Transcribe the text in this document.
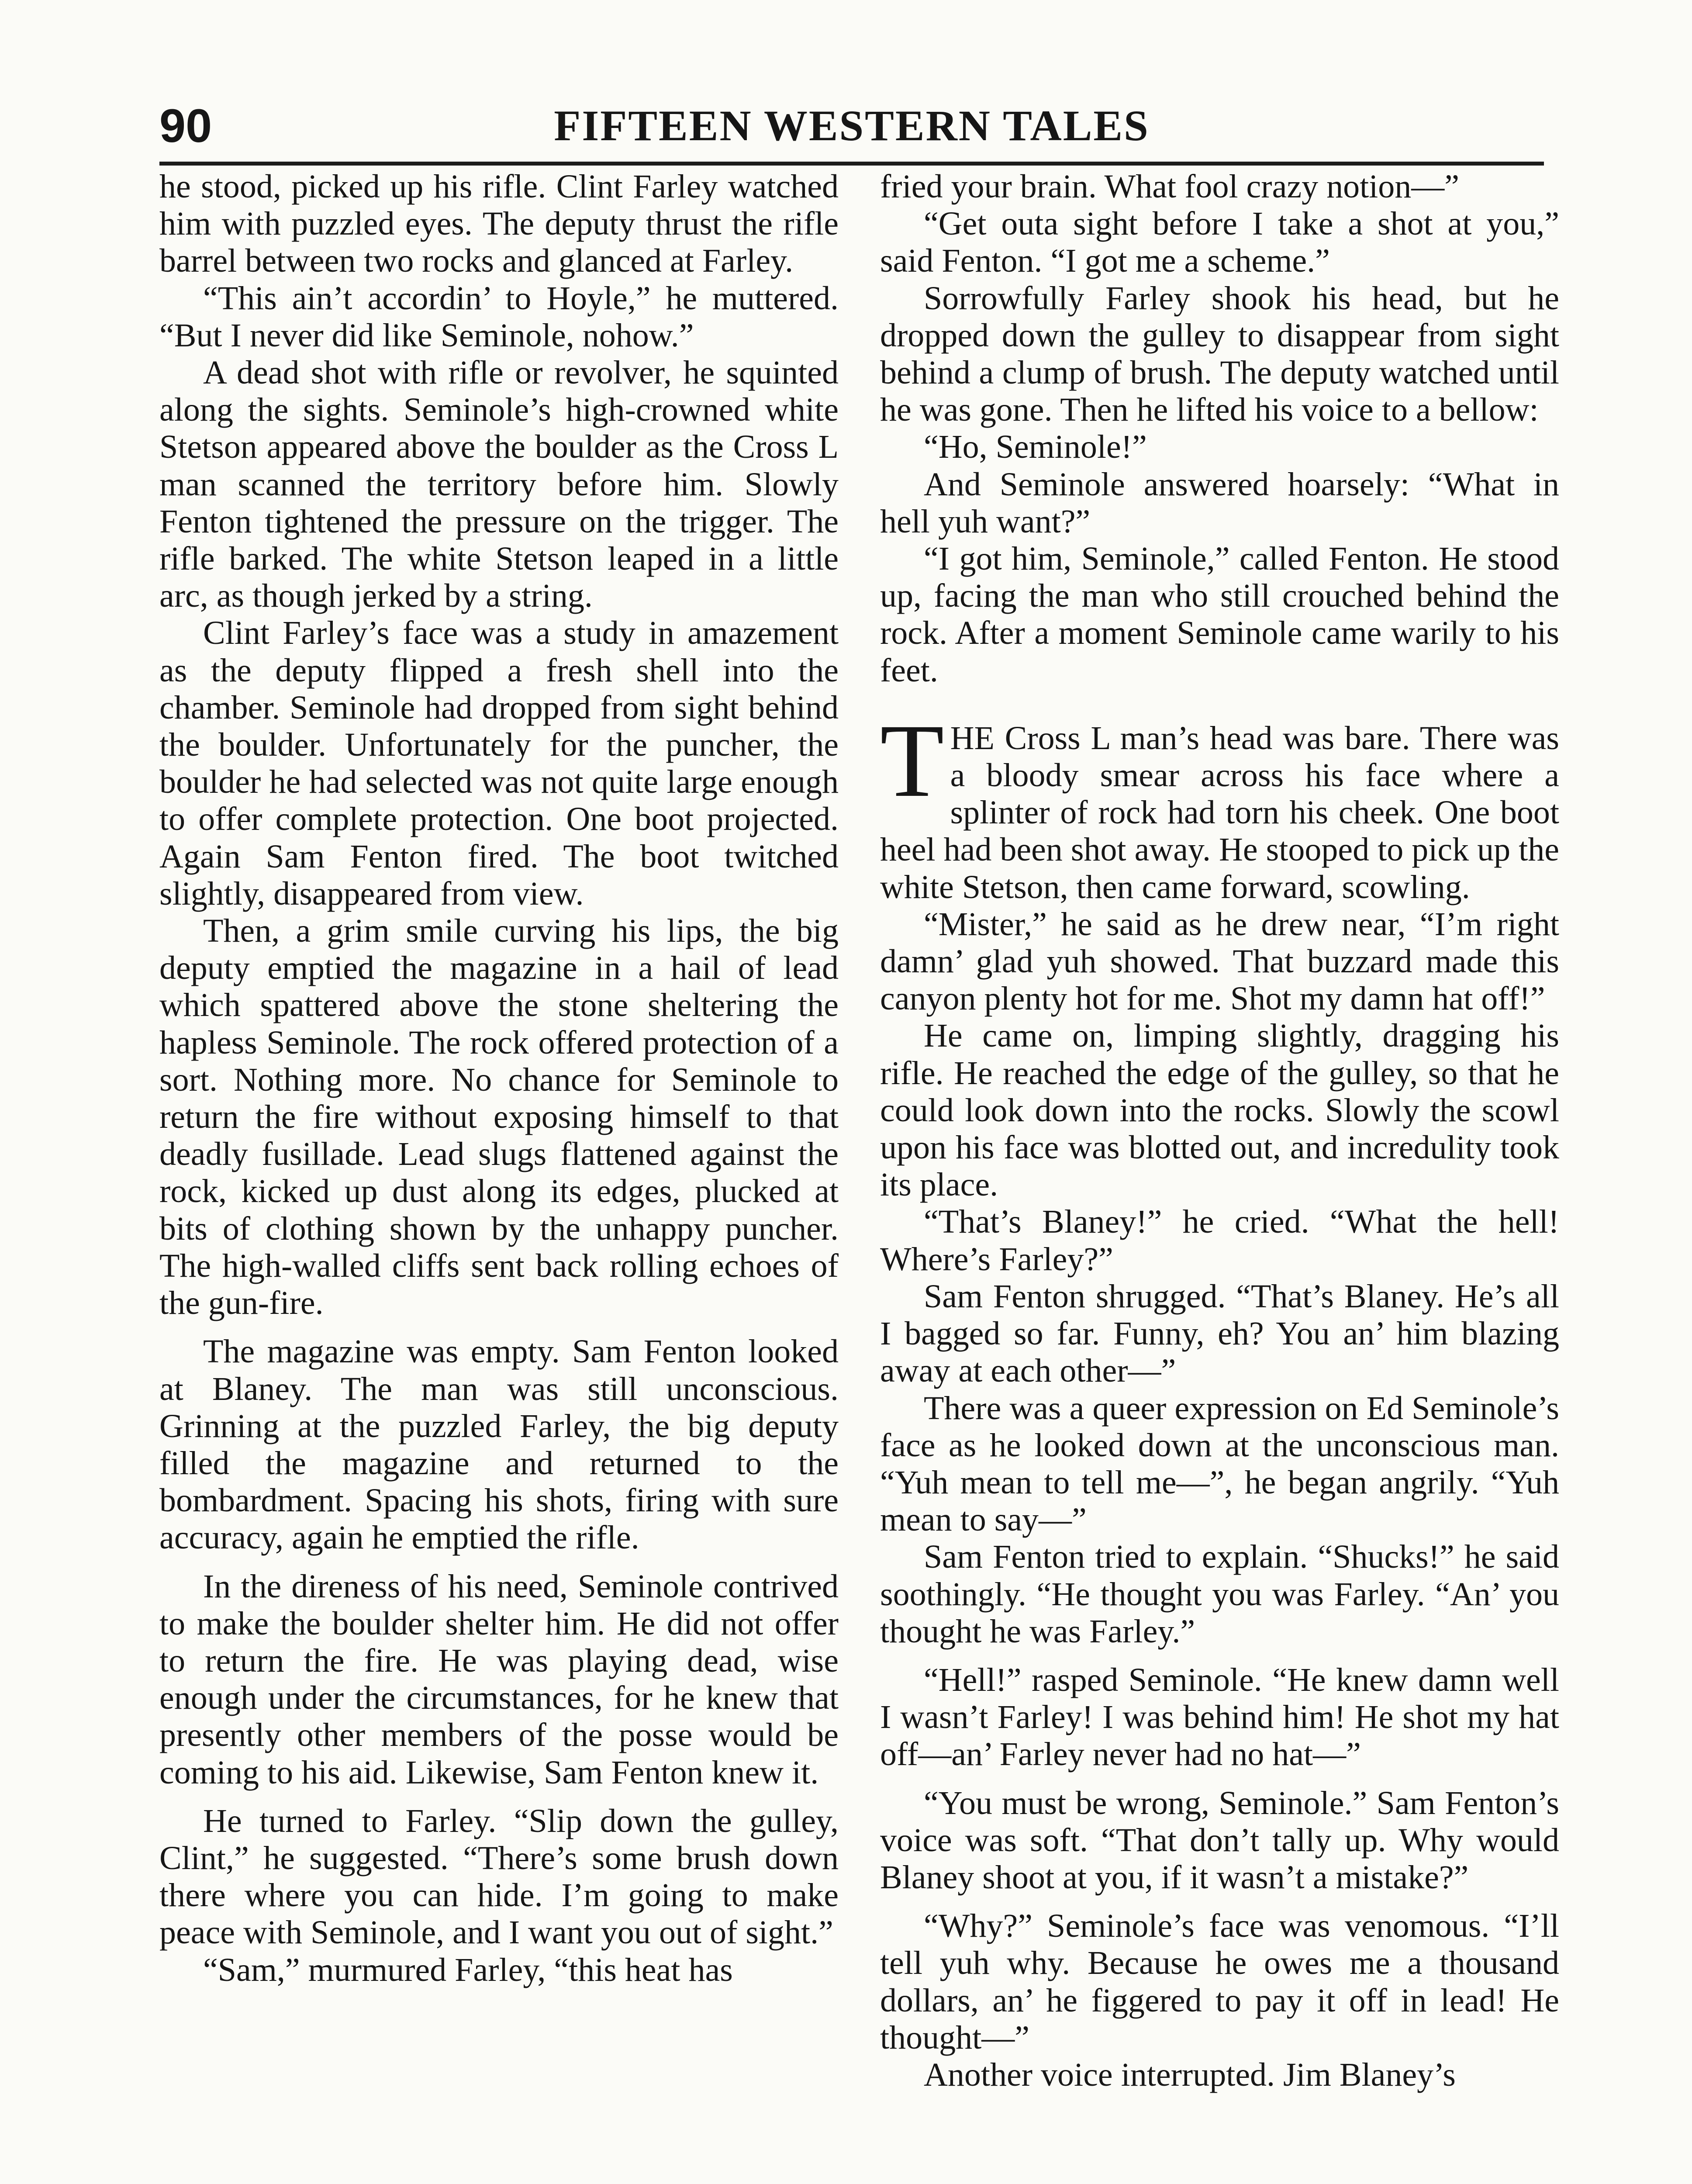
90	FIFTEEN WESTERN TALES

he stood, picked up his rifle. Clint Farley watched him with puzzled eyes. The deputy thrust the rifle barrel between two rocks and glanced at Farley.

“This ain’t accordin’ to Hoyle,” he muttered. “But I never did like Seminole, nohow.”

A dead shot with rifle or revolver, he squinted along the sights. Seminole’s high-crowned white Stetson appeared above the boulder as the Cross L man scanned the territory before him. Slowly Fenton tightened the pressure on the trigger. The rifle barked. The white Stetson leaped in a little arc, as though jerked by a string.

Clint Farley’s face was a study in amazement as the deputy flipped a fresh shell into the chamber. Seminole had dropped from sight behind the boulder. Unfortunately for the puncher, the boulder he had selected was not quite large enough to offer complete protection. One boot projected. Again Sam Fenton fired. The boot twitched slightly, disappeared from view.

Then, a grim smile curving his lips, the big deputy emptied the magazine in a hail of lead which spattered above the stone sheltering the hapless Seminole. The rock offered protection of a sort. Nothing more. No chance for Seminole to return the fire without exposing himself to that deadly fusillade. Lead slugs flattened against the rock, kicked up dust along its edges, plucked at bits of clothing shown by the unhappy puncher. The high-walled cliffs sent back rolling echoes of the gun-fire.

The magazine was empty. Sam Fenton looked at Blaney. The man was still unconscious. Grinning at the puzzled Farley, the big deputy filled the magazine and returned to the bombardment. Spacing his shots, firing with sure accuracy, again he emptied the rifle.

In the direness of his need, Seminole contrived to make the boulder shelter him. He did not offer to return the fire. He was playing dead, wise enough under the circumstances, for he knew that presently other members of the posse would be coming to his aid. Likewise, Sam Fenton knew it.

He turned to Farley. “Slip down the gulley, Clint,” he suggested. “There’s some brush down there where you can hide. I’m going to make peace with Seminole, and I want you out of sight.”

“Sam,” murmured Farley, “this heat has

fried your brain. What fool crazy notion—”

“Get outa sight before I take a shot at you,” said Fenton. “I got me a scheme.”

Sorrowfully Farley shook his head, but he dropped down the gulley to disappear from sight behind a clump of brush. The deputy watched until he was gone. Then he lifted his voice to a bellow:

“Ho, Seminole!”

And Seminole answered hoarsely: “What in hell yuh want?”

“I got him, Seminole,” called Fenton. He stood up, facing the man who still crouched behind the rock. After a moment Seminole came warily to his feet.

THE Cross L man’s head was bare. There was a bloody smear across his face where a splinter of rock had torn his cheek. One boot heel had been shot away. He stooped to pick up the white Stetson, then came forward, scowling.

“Mister,” he said as he drew near, “I’m right damn’ glad yuh showed. That buzzard made this canyon plenty hot for me. Shot my damn hat off!”

He came on, limping slightly, dragging his rifle. He reached the edge of the gulley, so that he could look down into the rocks. Slowly the scowl upon his face was blotted out, and incredulity took its place.

“That’s Blaney!” he cried. “What the hell! Where’s Farley?”

Sam Fenton shrugged. “That’s Blaney. He’s all I bagged so far. Funny, eh? You an’ him blazing away at each other—”

There was a queer expression on Ed Seminole’s face as he looked down at the unconscious man. “Yuh mean to tell me—”, he began angrily. “Yuh mean to say—”

Sam Fenton tried to explain. “Shucks!” he said soothingly. “He thought you was Farley. “An’ you thought he was Farley.”

“Hell!” rasped Seminole. “He knew damn well I wasn’t Farley! I was behind him! He shot my hat off—an’ Farley never had no hat—”

“You must be wrong, Seminole.” Sam Fenton’s voice was soft. “That don’t tally up. Why would Blaney shoot at you, if it wasn’t a mistake?”

“Why?” Seminole’s face was venomous. “I’ll tell yuh why. Because he owes me a thousand dollars, an’ he figgered to pay it off in lead! He thought—”

Another voice interrupted. Jim Blaney’s
